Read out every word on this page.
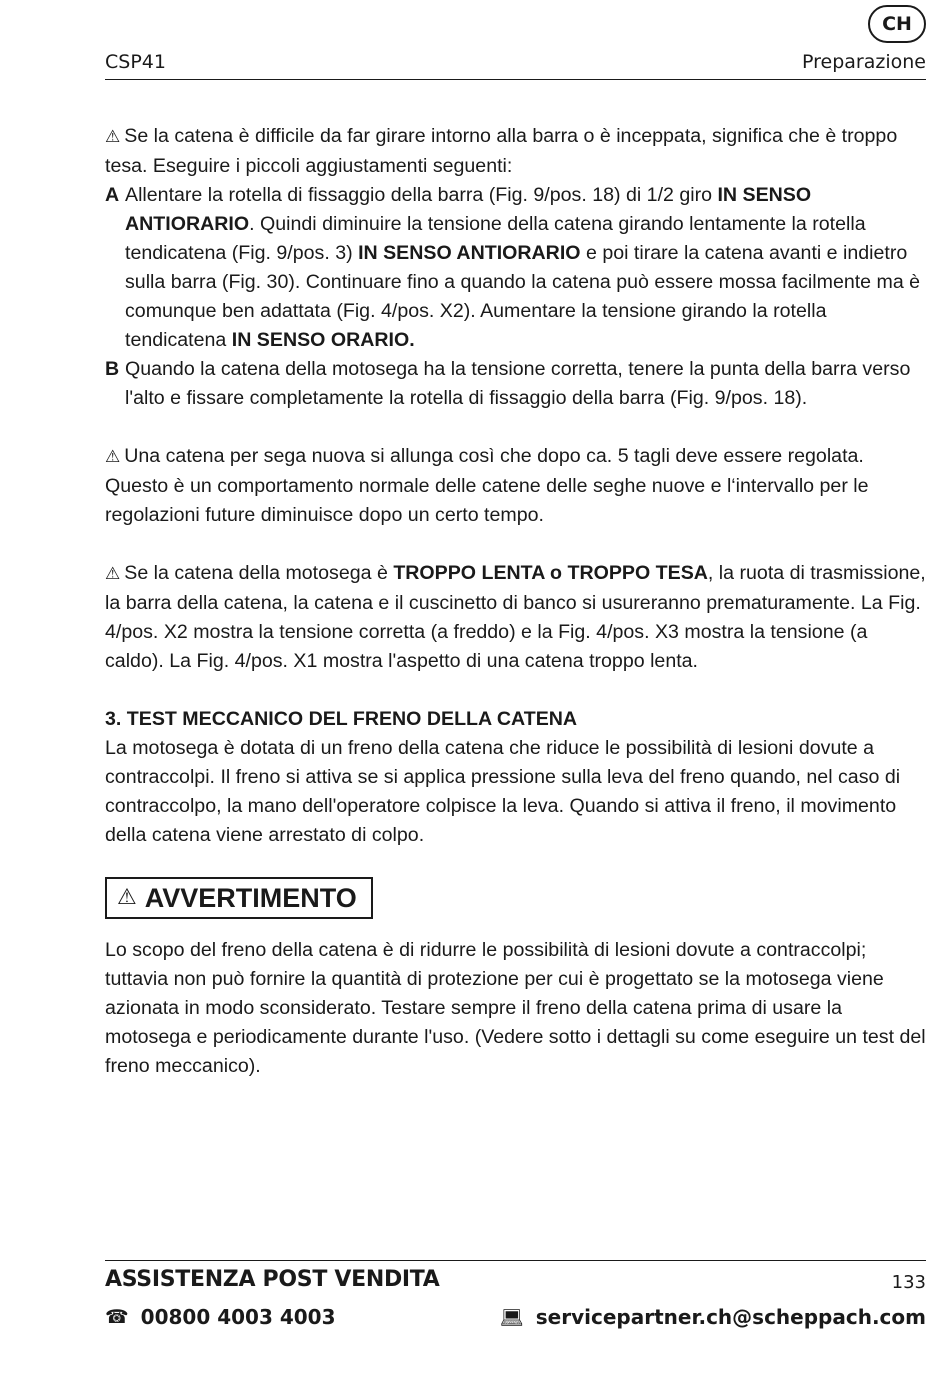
CH
CSP41	Preparazione

⚠ Se la catena è difficile da far girare intorno alla barra o è inceppata, significa che è troppo tesa. Eseguire i piccoli aggiustamenti seguenti:

A Allentare la rotella di fissaggio della barra (Fig. 9/pos. 18) di 1/2 giro IN SENSO ANTIORARIO. Quindi diminuire la tensione della catena girando lentamente la rotella tendicatena (Fig. 9/pos. 3) IN SENSO ANTIORARIO e poi tirare la catena avanti e indietro sulla barra (Fig. 30). Continuare fino a quando la catena può essere mossa facilmente ma è comunque ben adattata (Fig. 4/pos. X2). Aumentare la tensione girando la rotella tendicatena IN SENSO ORARIO.
B Quando la catena della motosega ha la tensione corretta, tenere la punta della barra verso l'alto e fissare completamente la rotella di fissaggio della barra (Fig. 9/pos. 18).

⚠ Una catena per sega nuova si allunga così che dopo ca. 5 tagli deve essere regolata. Questo è un comportamento normale delle catene delle seghe nuove e l‘intervallo per le regolazioni future diminuisce dopo un certo tempo.

⚠ Se la catena della motosega è TROPPO LENTA o TROPPO TESA, la ruota di trasmissione, la barra della catena, la catena e il cuscinetto di banco si usureranno prematuramente. La Fig. 4/pos. X2 mostra la tensione corretta (a freddo) e la Fig. 4/pos. X3 mostra la tensione (a caldo). La Fig. 4/pos. X1 mostra l'aspetto di una catena troppo lenta.

3. TEST MECCANICO DEL FRENO DELLA CATENA

La motosega è dotata di un freno della catena che riduce le possibilità di lesioni dovute a contraccolpi. Il freno si attiva se si applica pressione sulla leva del freno quando, nel caso di contraccolpo, la mano dell'operatore colpisce la leva. Quando si attiva il freno, il movimento della catena viene arrestato di colpo.

⚠ AVVERTIMENTO

Lo scopo del freno della catena è di ridurre le possibilità di lesioni dovute a contraccolpi; tuttavia non può fornire la quantità di protezione per cui è progettato se la motosega viene azionata in modo sconsiderato. Testare sempre il freno della catena prima di usare la motosega e periodicamente durante l'uso. (Vedere sotto i dettagli su come eseguire un test del freno meccanico).

ASSISTENZA POST VENDITA	133
☎ 00800 4003 4003	💻︎ servicepartner.ch@scheppach.com
